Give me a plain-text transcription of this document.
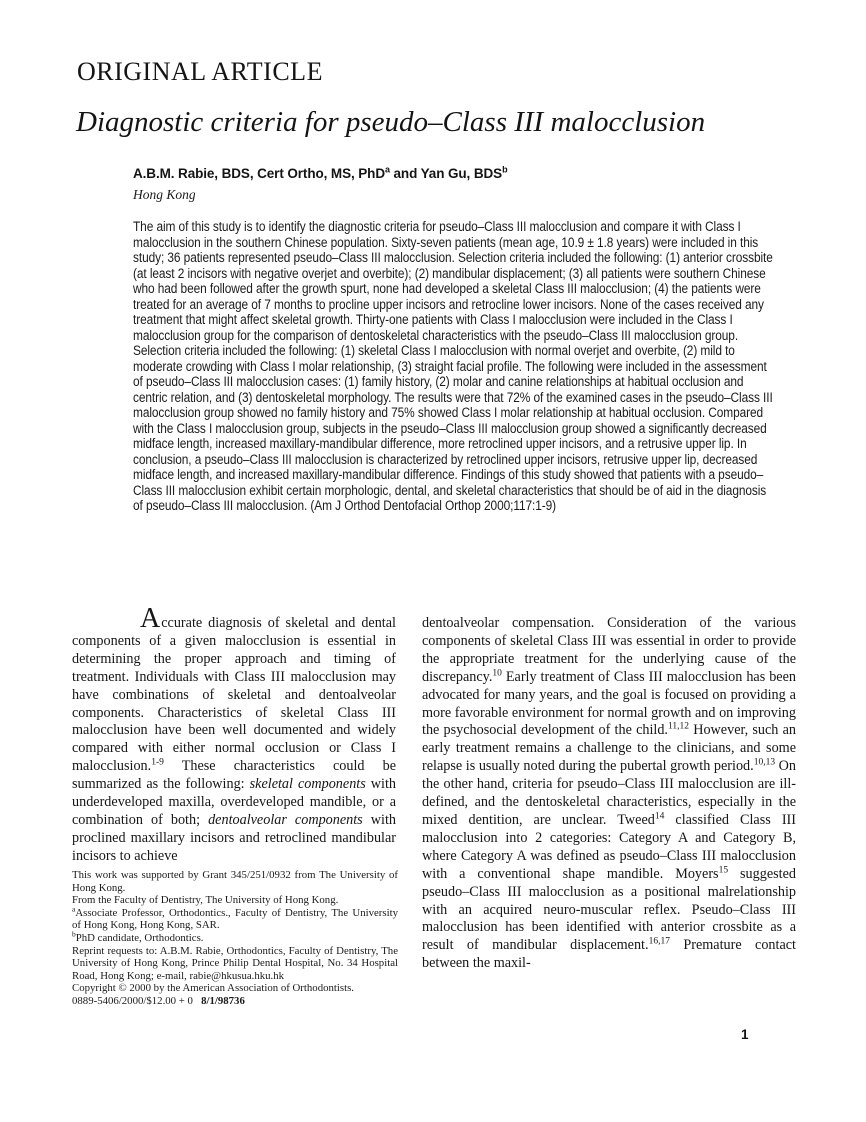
ORIGINAL ARTICLE
Diagnostic criteria for pseudo–Class III malocclusion
A.B.M. Rabie, BDS, Cert Ortho, MS, PhD$^a$ and Yan Gu, BDS$^b$
Hong Kong
The aim of this study is to identify the diagnostic criteria for pseudo–Class III malocclusion and compare it with Class I malocclusion in the southern Chinese population. Sixty-seven patients (mean age, 10.9 ± 1.8 years) were included in this study; 36 patients represented pseudo–Class III malocclusion. Selection criteria included the following: (1) anterior crossbite (at least 2 incisors with negative overjet and overbite); (2) mandibular displacement; (3) all patients were southern Chinese who had been followed after the growth spurt, none had developed a skeletal Class III malocclusion; (4) the patients were treated for an average of 7 months to procline upper incisors and retrocline lower incisors. None of the cases received any treatment that might affect skeletal growth. Thirty-one patients with Class I malocclusion were included in the Class I malocclusion group for the comparison of dentoskeletal characteristics with the pseudo–Class III malocclusion group. Selection criteria included the following: (1) skeletal Class I malocclusion with normal overjet and overbite, (2) mild to moderate crowding with Class I molar relationship, (3) straight facial profile. The following were included in the assessment of pseudo–Class III malocclusion cases: (1) family history, (2) molar and canine relationships at habitual occlusion and centric relation, and (3) dentoskeletal morphology. The results were that 72% of the examined cases in the pseudo–Class III malocclusion group showed no family history and 75% showed Class I molar relationship at habitual occlusion. Compared with the Class I malocclusion group, subjects in the pseudo–Class III malocclusion group showed a significantly decreased midface length, increased maxillary-mandibular difference, more retroclined upper incisors, and a retrusive upper lip. In conclusion, a pseudo–Class III malocclusion is characterized by retroclined upper incisors, retrusive upper lip, decreased midface length, and increased maxillary-mandibular difference. Findings of this study showed that patients with a pseudo–Class III malocclusion exhibit certain morphologic, dental, and skeletal characteristics that should be of aid in the diagnosis of pseudo–Class III malocclusion. (Am J Orthod Dentofacial Orthop 2000;117:1-9)

Accurate diagnosis of skeletal and dental components of a given malocclusion is essential in determining the proper approach and timing of treatment. Individuals with Class III malocclusion may have combinations of skeletal and dentoalveolar components. Characteristics of skeletal Class III malocclusion have been well documented and widely compared with either normal occlusion or Class I malocclusion.$^{1-9}$ These characteristics could be summarized as the following: skeletal components with underdeveloped maxilla, overdeveloped mandible, or a combination of both; dentoalveolar components with proclined maxillary incisors and retroclined mandibular incisors to achieve

dentoalveolar compensation. Consideration of the various components of skeletal Class III was essential in order to provide the appropriate treatment for the underlying cause of the discrepancy.$^{10}$ Early treatment of Class III malocclusion has been advocated for many years, and the goal is focused on providing a more favorable environment for normal growth and on improving the psychosocial development of the child.$^{11,12}$ However, such an early treatment remains a challenge to the clinicians, and some relapse is usually noted during the pubertal growth period.$^{10,13}$ On the other hand, criteria for pseudo–Class III malocclusion are ill-defined, and the dentoskeletal characteristics, especially in the mixed dentition, are unclear. Tweed$^{14}$ classified Class III malocclusion into 2 categories: Category A and Category B, where Category A was defined as pseudo–Class III malocclusion with a conventional shape mandible. Moyers$^{15}$ suggested pseudo–Class III malocclusion as a positional malrelationship with an acquired neuro-muscular reflex. Pseudo–Class III malocclusion has been identified with anterior crossbite as a result of mandibular displacement.$^{16,17}$ Premature contact between the maxil-

This work was supported by Grant 345/251/0932 from The University of Hong Kong.
From the Faculty of Dentistry, The University of Hong Kong.
$^a$Associate Professor, Orthodontics., Faculty of Dentistry, The University of Hong Kong, Hong Kong, SAR.
$^b$PhD candidate, Orthodontics.
Reprint requests to: A.B.M. Rabie, Orthodontics, Faculty of Dentistry, The University of Hong Kong, Prince Philip Dental Hospital, No. 34 Hospital Road, Hong Kong; e-mail, rabie@hkusua.hku.hk
Copyright © 2000 by the American Association of Orthodontists.
0889-5406/2000/$12.00 + 0   8/1/98736
1
